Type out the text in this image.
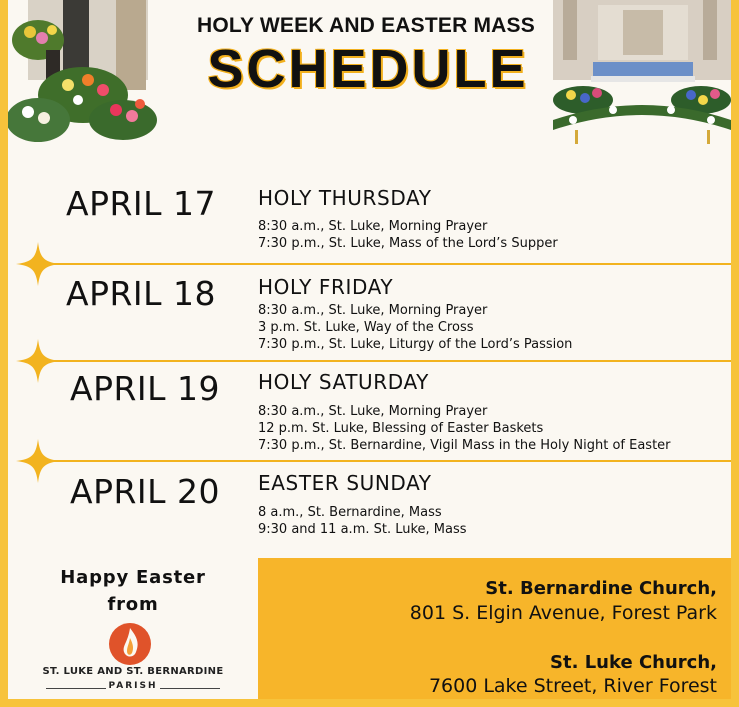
HOLY WEEK AND EASTER MASS
SCHEDULE
APRIL 17 HOLY THURSDAY
8:30 a.m., St. Luke, Morning Prayer
7:30 p.m., St. Luke, Mass of the Lord’s Supper
APRIL 18 HOLY FRIDAY
8:30 a.m., St. Luke, Morning Prayer
3 p.m. St. Luke, Way of the Cross
7:30 p.m., St. Luke, Liturgy of the Lord’s Passion
APRIL 19 HOLY SATURDAY
8:30 a.m., St. Luke, Morning Prayer
12 p.m. St. Luke, Blessing of Easter Baskets
7:30 p.m., St. Bernardine, Vigil Mass in the Holy Night of Easter
APRIL 20 EASTER SUNDAY
8 a.m., St. Bernardine, Mass
9:30 and 11 a.m. St. Luke, Mass
Happy Easter
from
ST. LUKE AND ST. BERNARDINE
PARISH
St. Bernardine Church,
801 S. Elgin Avenue, Forest Park
St. Luke Church,
7600 Lake Street, River Forest
